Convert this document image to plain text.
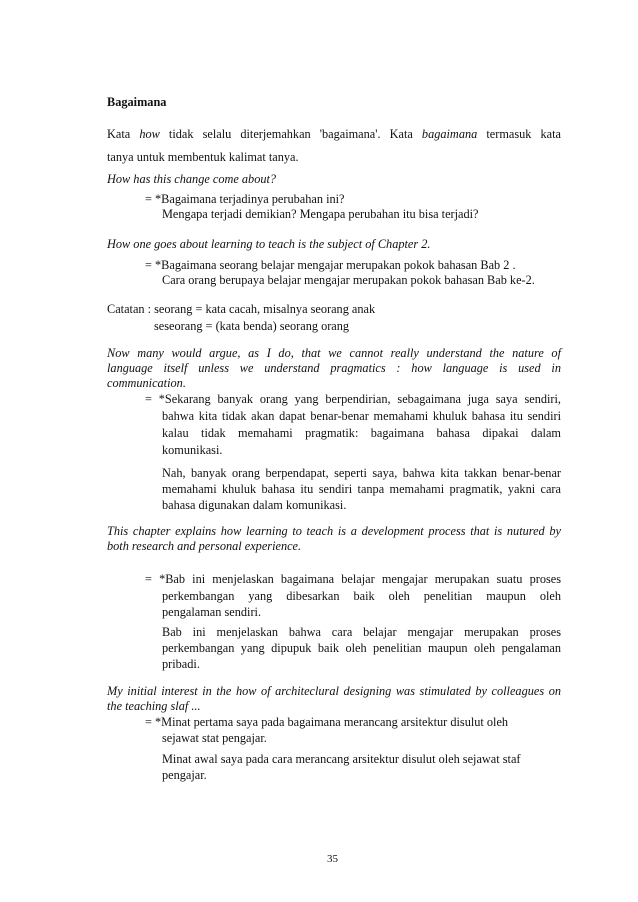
Bagaimana
Kata how tidak selalu diterjemahkan 'bagaimana'. Kata bagaimana termasuk kata
tanya untuk membentuk kalimat tanya.
How has this change come about?
= *Bagaimana terjadinya perubahan ini?
Mengapa terjadi demikian? Mengapa perubahan itu bisa terjadi?
How one goes about learning to teach is the subject of Chapter 2.
= *Bagaimana seorang belajar mengajar merupakan pokok bahasan Bab 2 .
Cara orang berupaya belajar mengajar merupakan pokok bahasan Bab ke-2.
Catatan : seorang = kata cacah, misalnya seorang anak
seseorang = (kata benda) seorang orang
Now many would argue, as I do, that we cannot really understand the nature of
language itself unless we understand pragmatics : how language is used in
communication.
= *Sekarang banyak orang yang berpendirian, sebagaimana juga saya sendiri,
bahwa kita tidak akan dapat benar-benar memahami khuluk bahasa itu sendiri
kalau tidak memahami pragmatik: bagaimana bahasa dipakai dalam
komunikasi.
Nah, banyak orang berpendapat, seperti saya, bahwa kita takkan benar-benar
memahami khuluk bahasa itu sendiri tanpa memahami pragmatik, yakni cara
bahasa digunakan dalam komunikasi.
This chapter explains how learning to teach is a development process that is nutured by
both research and personal experience.
= *Bab ini menjelaskan bagaimana belajar mengajar merupakan suatu proses
perkembangan yang dibesarkan baik oleh penelitian maupun oleh
pengalaman sendiri.
Bab ini menjelaskan bahwa cara belajar mengajar merupakan proses
perkembangan yang dipupuk baik oleh penelitian maupun oleh pengalaman
pribadi.
My initial interest in the how of architeclural designing was stimulated by colleagues on
the teaching slaf ...
= *Minat pertama saya pada bagaimana merancang arsitektur disulut oleh
sejawat stat pengajar.
Minat awal saya pada cara merancang arsitektur disulut oleh sejawat staf
pengajar.
35
